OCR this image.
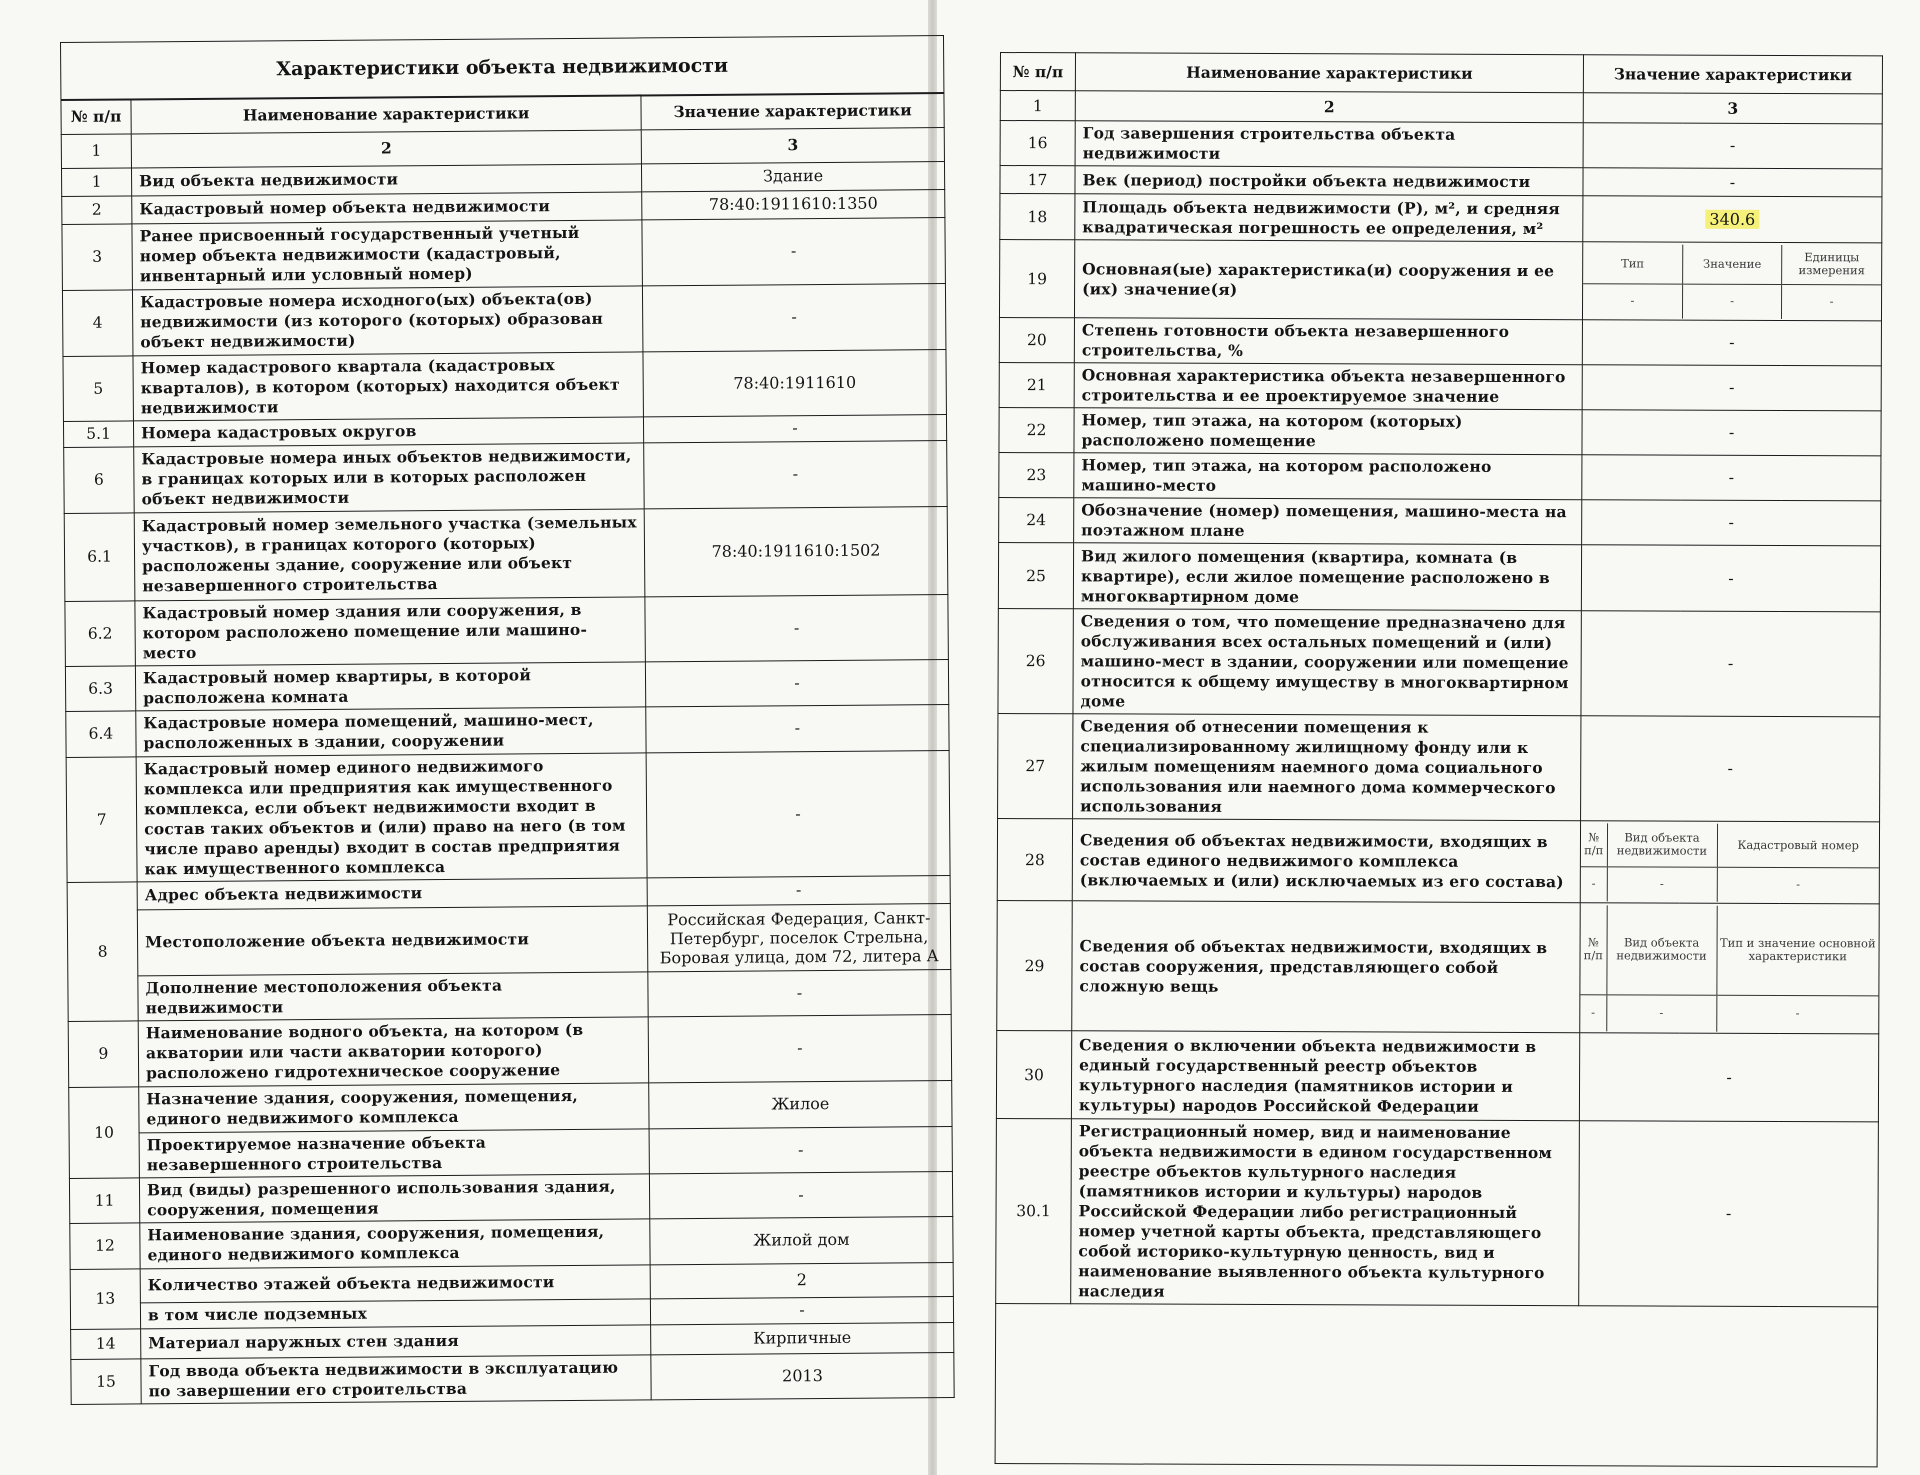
Характеристики объекта недвижимости		
№ п/п	Наименование характеристики	Значение характеристики
1	2	3
1	Вид объекта недвижимости	Здание
2	Кадастровый номер объекта недвижимости	78:40:1911610:1350
3	Ранее присвоенный государственный учетный номер объекта недвижимости (кадастровый, инвентарный или условный номер)	-
4	Кадастровые номера исходного(ых) объекта(ов) недвижимости (из которого (которых) образован объект недвижимости)	-
5	Номер кадастрового квартала (кадастровых кварталов), в котором (которых) находится объект недвижимости	78:40:1911610
5.1	Номера кадастровых округов	-
6	Кадастровые номера иных объектов недвижимости, в границах которых или в которых расположен объект недвижимости	-
6.1	Кадастровый номер земельного участка (земельных участков), в границах которого (которых) расположены здание, сооружение или объект незавершенного строительства	78:40:1911610:1502
6.2	Кадастровый номер здания или сооружения, в котором расположено помещение или машино-место	-
6.3	Кадастровый номер квартиры, в которой расположена комната	-
6.4	Кадастровые номера помещений, машино-мест, расположенных в здании, сооружении	-
7	Кадастровый номер единого недвижимого комплекса или предприятия как имущественного комплекса, если объект недвижимости входит в состав таких объектов и (или) право на него (в том числе право аренды) входит в состав предприятия как имущественного комплекса	-
8	Адрес объекта недвижимости	-
	Местоположение объекта недвижимости	Российская Федерация, Санкт-Петербург, поселок Стрельна, Боровая улица, дом 72, литера А
	Дополнение местоположения объекта недвижимости	-
9	Наименование водного объекта, на котором (в акватории или части акватории которого) расположено гидротехническое сооружение	-
10	Назначение здания, сооружения, помещения, единого недвижимого комплекса	Жилое
	Проектируемое назначение объекта незавершенного строительства	-
11	Вид (виды) разрешенного использования здания, сооружения, помещения	-
12	Наименование здания, сооружения, помещения, единого недвижимого комплекса	Жилой дом
13	Количество этажей объекта недвижимости	2
	в том числе подземных	-
14	Материал наружных стен здания	Кирпичные
15	Год ввода объекта недвижимости в эксплуатацию по завершении его строительства	2013
№ п/п	Наименование характеристики	Значение характеристики
1	2	3
16	Год завершения строительства объекта недвижимости	-
17	Век (период) постройки объекта недвижимости	-
18	Площадь объекта недвижимости (Р), м², и средняя квадратическая погрешность ее определения, м²	340.6
19	Основная(ые) характеристика(и) сооружения и ее (их) значение(я)	
Тип	Значение	Единицы измерения
-	-	-

20	Степень готовности объекта незавершенного строительства, %	-
21	Основная характеристика объекта незавершенного строительства и ее проектируемое значение	-
22	Номер, тип этажа, на котором (которых) расположено помещение	-
23	Номер, тип этажа, на котором расположено машино-место	-
24	Обозначение (номер) помещения, машино-места на поэтажном плане	-
25	Вид жилого помещения (квартира, комната (в квартире), если жилое помещение расположено в многоквартирном доме	-
26	Сведения о том, что помещение предназначено для обслуживания всех остальных помещений и (или) машино-мест в здании, сооружении или помещение относится к общему имуществу в многоквартирном доме	-
27	Сведения об отнесении помещения к специализированному жилищному фонду или к жилым помещениям наемного дома социального использования или наемного дома коммерческого использования	-
28	Сведения об объектах недвижимости, входящих в состав единого недвижимого комплекса (включаемых и (или) исключаемых из его состава)	
№ п/п	Вид объекта недвижимости	Кадастровый номер
-	-	-

29	Сведения об объектах недвижимости, входящих в состав сооружения, представляющего собой сложную вещь	
№ п/п	Вид объекта недвижимости	Тип и значение основной характеристики
-	-	-

30	Сведения о включении объекта недвижимости в единый государственный реестр объектов культурного наследия (памятников истории и культуры) народов Российской Федерации	-
30.1	Регистрационный номер, вид и наименование объекта недвижимости в едином государственном реестре объектов культурного наследия (памятников истории и культуры) народов Российской Федерации либо регистрационный номер учетной карты объекта, представляющего собой историко-культурную ценность, вид и наименование выявленного объекта культурного наследия	-
